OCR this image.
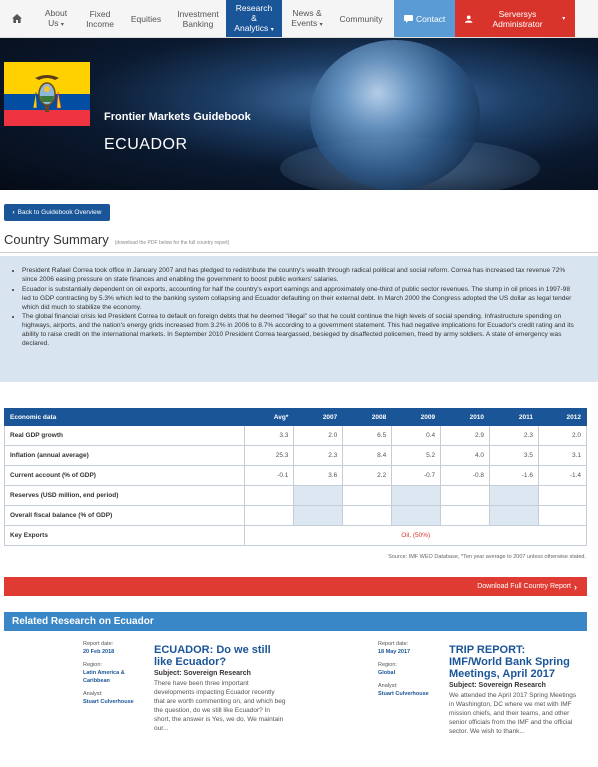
About
Us ▾
Fixed
Income Equities Investment
Banking
Research &
Analytics ▾
News &
Events ▾
Community	Contact	Serversys Administrator	▾
Frontier Markets Guidebook
ECUADOR
‹ Back to Guidebook Overview
Country Summary (download the PDF below for the full country report)
• President Rafael Correa took office in January 2007 and has pledged to redistribute the country's wealth through radical political and social reform. Correa has increased tax revenue 72% since 2006 easing pressure on state finances and enabling the government to boost public workers' salaries.
• Ecuador is substantially dependent on oil exports, accounting for half the country's export earnings and approximately one-third of public sector revenues. The slump in oil prices in 1997-98 led to GDP contracting by 5.3% which led to the banking system collapsing and Ecuador defaulting on their external debt. In March 2000 the Congress adopted the US dollar as legal tender which did much to stabilize the economy.
• The global financial crisis led President Correa to default on foreign debts that he deemed "illegal" so that he could continue the high levels of social spending. Infrastructure spending on highways, airports, and the nation's energy grids increased from 3.2% in 2006 to 8.7% according to a government statement. This had negative implications for Ecuador's credit rating and its ability to raise credit on the international markets. In September 2010 President Correa teargassed, besieged by disaffected policemen, freed by army soldiers. A state of emergency was declared.
Economic data	Avg*	2007	2008	2009	2010	2011	2012
Real GDP growth	3.3	2.0	6.5	0.4	2.9	2.3	2.0
Inflation (annual average)	25.3	2.3	8.4	5.2	4.0	3.5	3.1
Current account (% of GDP)	-0.1	3.6	2.2	-0.7	-0.8	-1.6	-1.4
Reserves (USD million, end period)							
Overall fiscal balance (% of GDP)							
Key Exports	Oil, (50%)						
Source: IMF WEO Database, *Ten year average to 2007 unless otherwise stated.
Download Full Country Report ›
Related Research on Ecuador
Report date:
20 Feb 2018
Region:
Latin America & Caribbean
Analyst:
Stuart Culverhouse
ECUADOR: Do we still like Ecuador?
Subject: Sovereign Research
There have been three important developments impacting Ecuador recently that are worth commenting on, and which beg the question, do we still like Ecuador? In short, the answer is Yes, we do. We maintain our...
Report date:
18 May 2017
Region:
Global
Analyst:
Stuart Culverhouse
TRIP REPORT: IMF/World Bank Spring Meetings, April 2017
Subject: Sovereign Research
We attended the April 2017 Spring Meetings in Washington, DC where we met with IMF mission chiefs, and their teams, and other senior officials from the IMF and the official sector. We wish to thank...
